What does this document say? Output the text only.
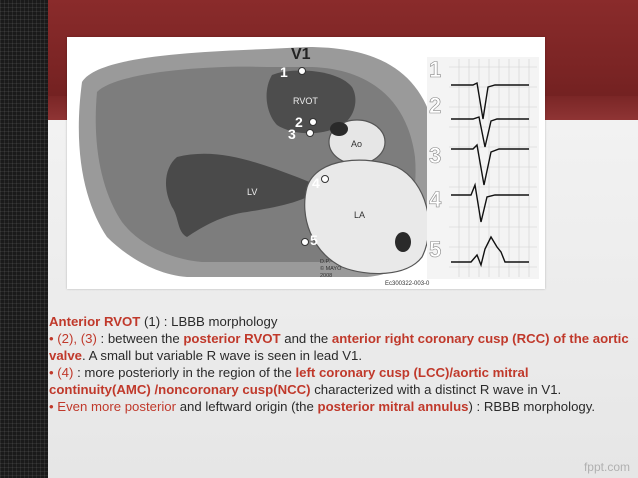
V1
1
2
3
4
5
RVOT
Ao
LV
LA
D.P.
© MAYO
2008
Ec300322-003-0
1
2
3
4
5

Anterior RVOT (1) : LBBB morphology

• (2), (3) : between the posterior RVOT and the anterior right coronary cusp (RCC) of the aortic valve. A small but variable R wave is seen in lead V1.

• (4) : more posteriorly in the region of the left coronary cusp (LCC)/aortic mitral continuity(AMC) /noncoronary cusp(NCC) characterized with a distinct R wave in V1.

• Even more posterior and leftward origin (the posterior mitral annulus) : RBBB morphology.

fppt.com
